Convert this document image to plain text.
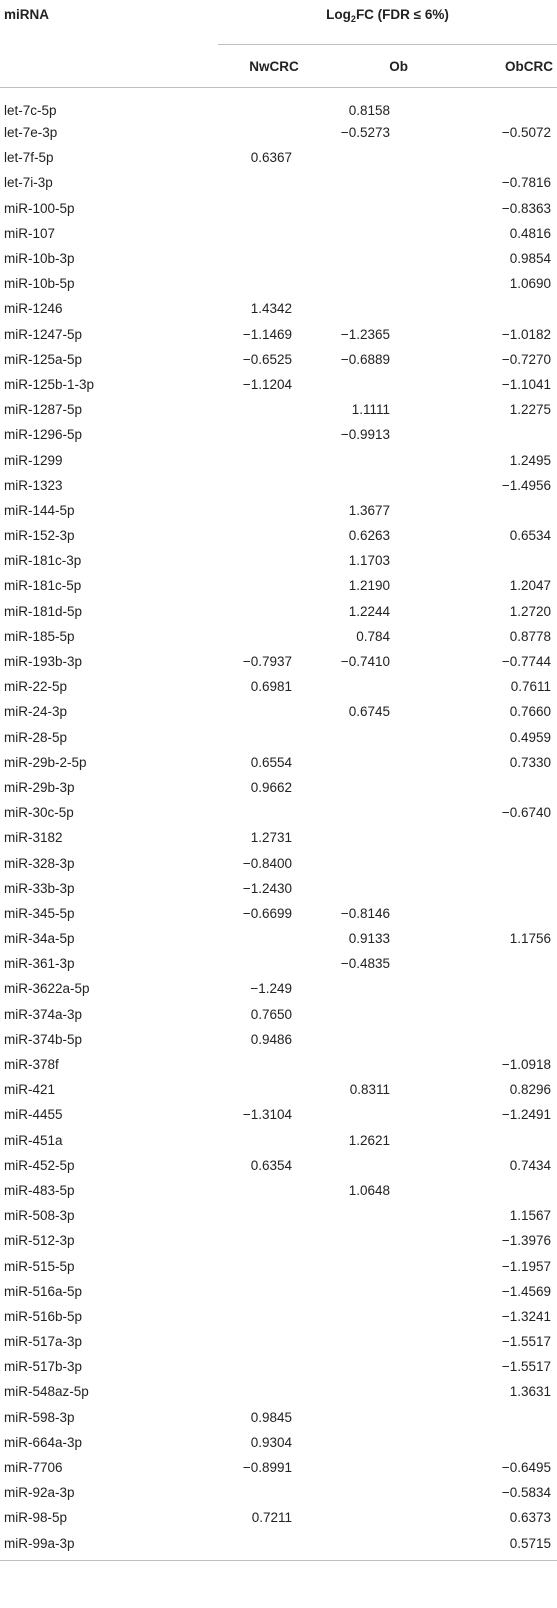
miRNA	Log$_2$FC (FDR ≤ 6%)		
	NwCRC	Ob	ObCRC
let-7c-5p		0.8158	
let-7e-3p		−0.5273	−0.5072
let-7f-5p	0.6367		
let-7i-3p			−0.7816
miR-100-5p			−0.8363
miR-107			0.4816
miR-10b-3p			0.9854
miR-10b-5p			1.0690
miR-1246	1.4342		
miR-1247-5p	−1.1469	−1.2365	−1.0182
miR-125a-5p	−0.6525	−0.6889	−0.7270
miR-125b-1-3p	−1.1204		−1.1041
miR-1287-5p		1.1111	1.2275
miR-1296-5p		−0.9913	
miR-1299			1.2495
miR-1323			−1.4956
miR-144-5p		1.3677	
miR-152-3p		0.6263	0.6534
miR-181c-3p		1.1703	
miR-181c-5p		1.2190	1.2047
miR-181d-5p		1.2244	1.2720
miR-185-5p		0.784	0.8778
miR-193b-3p	−0.7937	−0.7410	−0.7744
miR-22-5p	0.6981		0.7611
miR-24-3p		0.6745	0.7660
miR-28-5p			0.4959
miR-29b-2-5p	0.6554		0.7330
miR-29b-3p	0.9662		
miR-30c-5p			−0.6740
miR-3182	1.2731		
miR-328-3p	−0.8400		
miR-33b-3p	−1.2430		
miR-345-5p	−0.6699	−0.8146	
miR-34a-5p		0.9133	1.1756
miR-361-3p		−0.4835	
miR-3622a-5p	−1.249		
miR-374a-3p	0.7650		
miR-374b-5p	0.9486		
miR-378f			−1.0918
miR-421		0.8311	0.8296
miR-4455	−1.3104		−1.2491
miR-451a		1.2621	
miR-452-5p	0.6354		0.7434
miR-483-5p		1.0648	
miR-508-3p			1.1567
miR-512-3p			−1.3976
miR-515-5p			−1.1957
miR-516a-5p			−1.4569
miR-516b-5p			−1.3241
miR-517a-3p			−1.5517
miR-517b-3p			−1.5517
miR-548az-5p			1.3631
miR-598-3p	0.9845		
miR-664a-3p	0.9304		
miR-7706	−0.8991		−0.6495
miR-92a-3p			−0.5834
miR-98-5p	0.7211		0.6373
miR-99a-3p			0.5715
